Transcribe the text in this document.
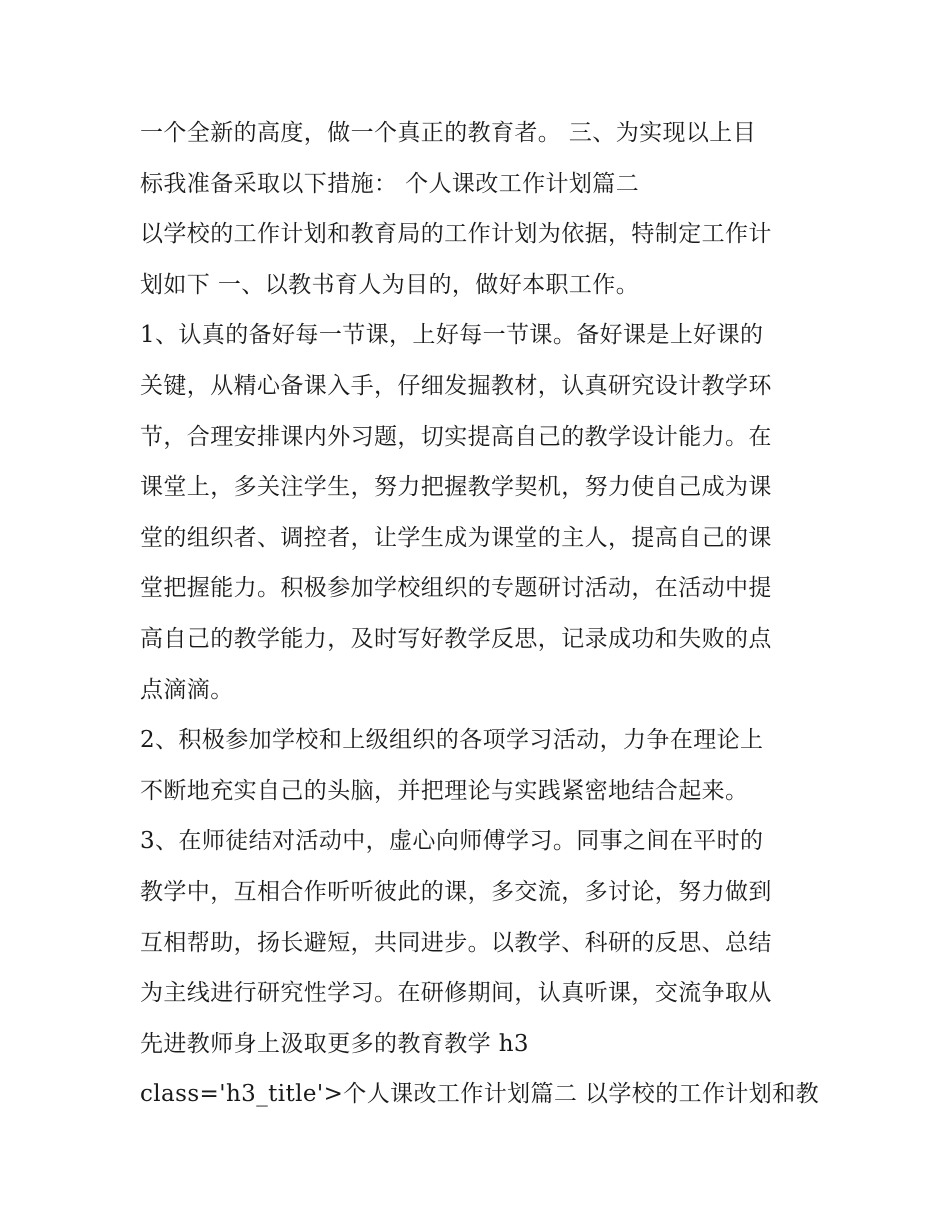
一个全新的高度，做一个真正的教育者。 三、为实现以上目
标我准备采取以下措施： 个人课改工作计划篇二
以学校的工作计划和教育局的工作计划为依据，特制定工作计
划如下 一、以教书育人为目的，做好本职工作。
1、认真的备好每一节课，上好每一节课。备好课是上好课的
关键，从精心备课入手，仔细发掘教材，认真研究设计教学环
节，合理安排课内外习题，切实提高自己的教学设计能力。在
课堂上，多关注学生，努力把握教学契机，努力使自己成为课
堂的组织者、调控者，让学生成为课堂的主人，提高自己的课
堂把握能力。积极参加学校组织的专题研讨活动，在活动中提
高自己的教学能力，及时写好教学反思，记录成功和失败的点
点滴滴。
2、积极参加学校和上级组织的各项学习活动，力争在理论上
不断地充实自己的头脑，并把理论与实践紧密地结合起来。
3、在师徒结对活动中，虚心向师傅学习。同事之间在平时的
教学中，互相合作听听彼此的课，多交流，多讨论，努力做到
互相帮助，扬长避短，共同进步。以教学、科研的反思、总结
为主线进行研究性学习。在研修期间，认真听课，交流争取从
先进教师身上汲取更多的教育教学 h3
class='h3_title'>个人课改工作计划篇二 以学校的工作计划和教
